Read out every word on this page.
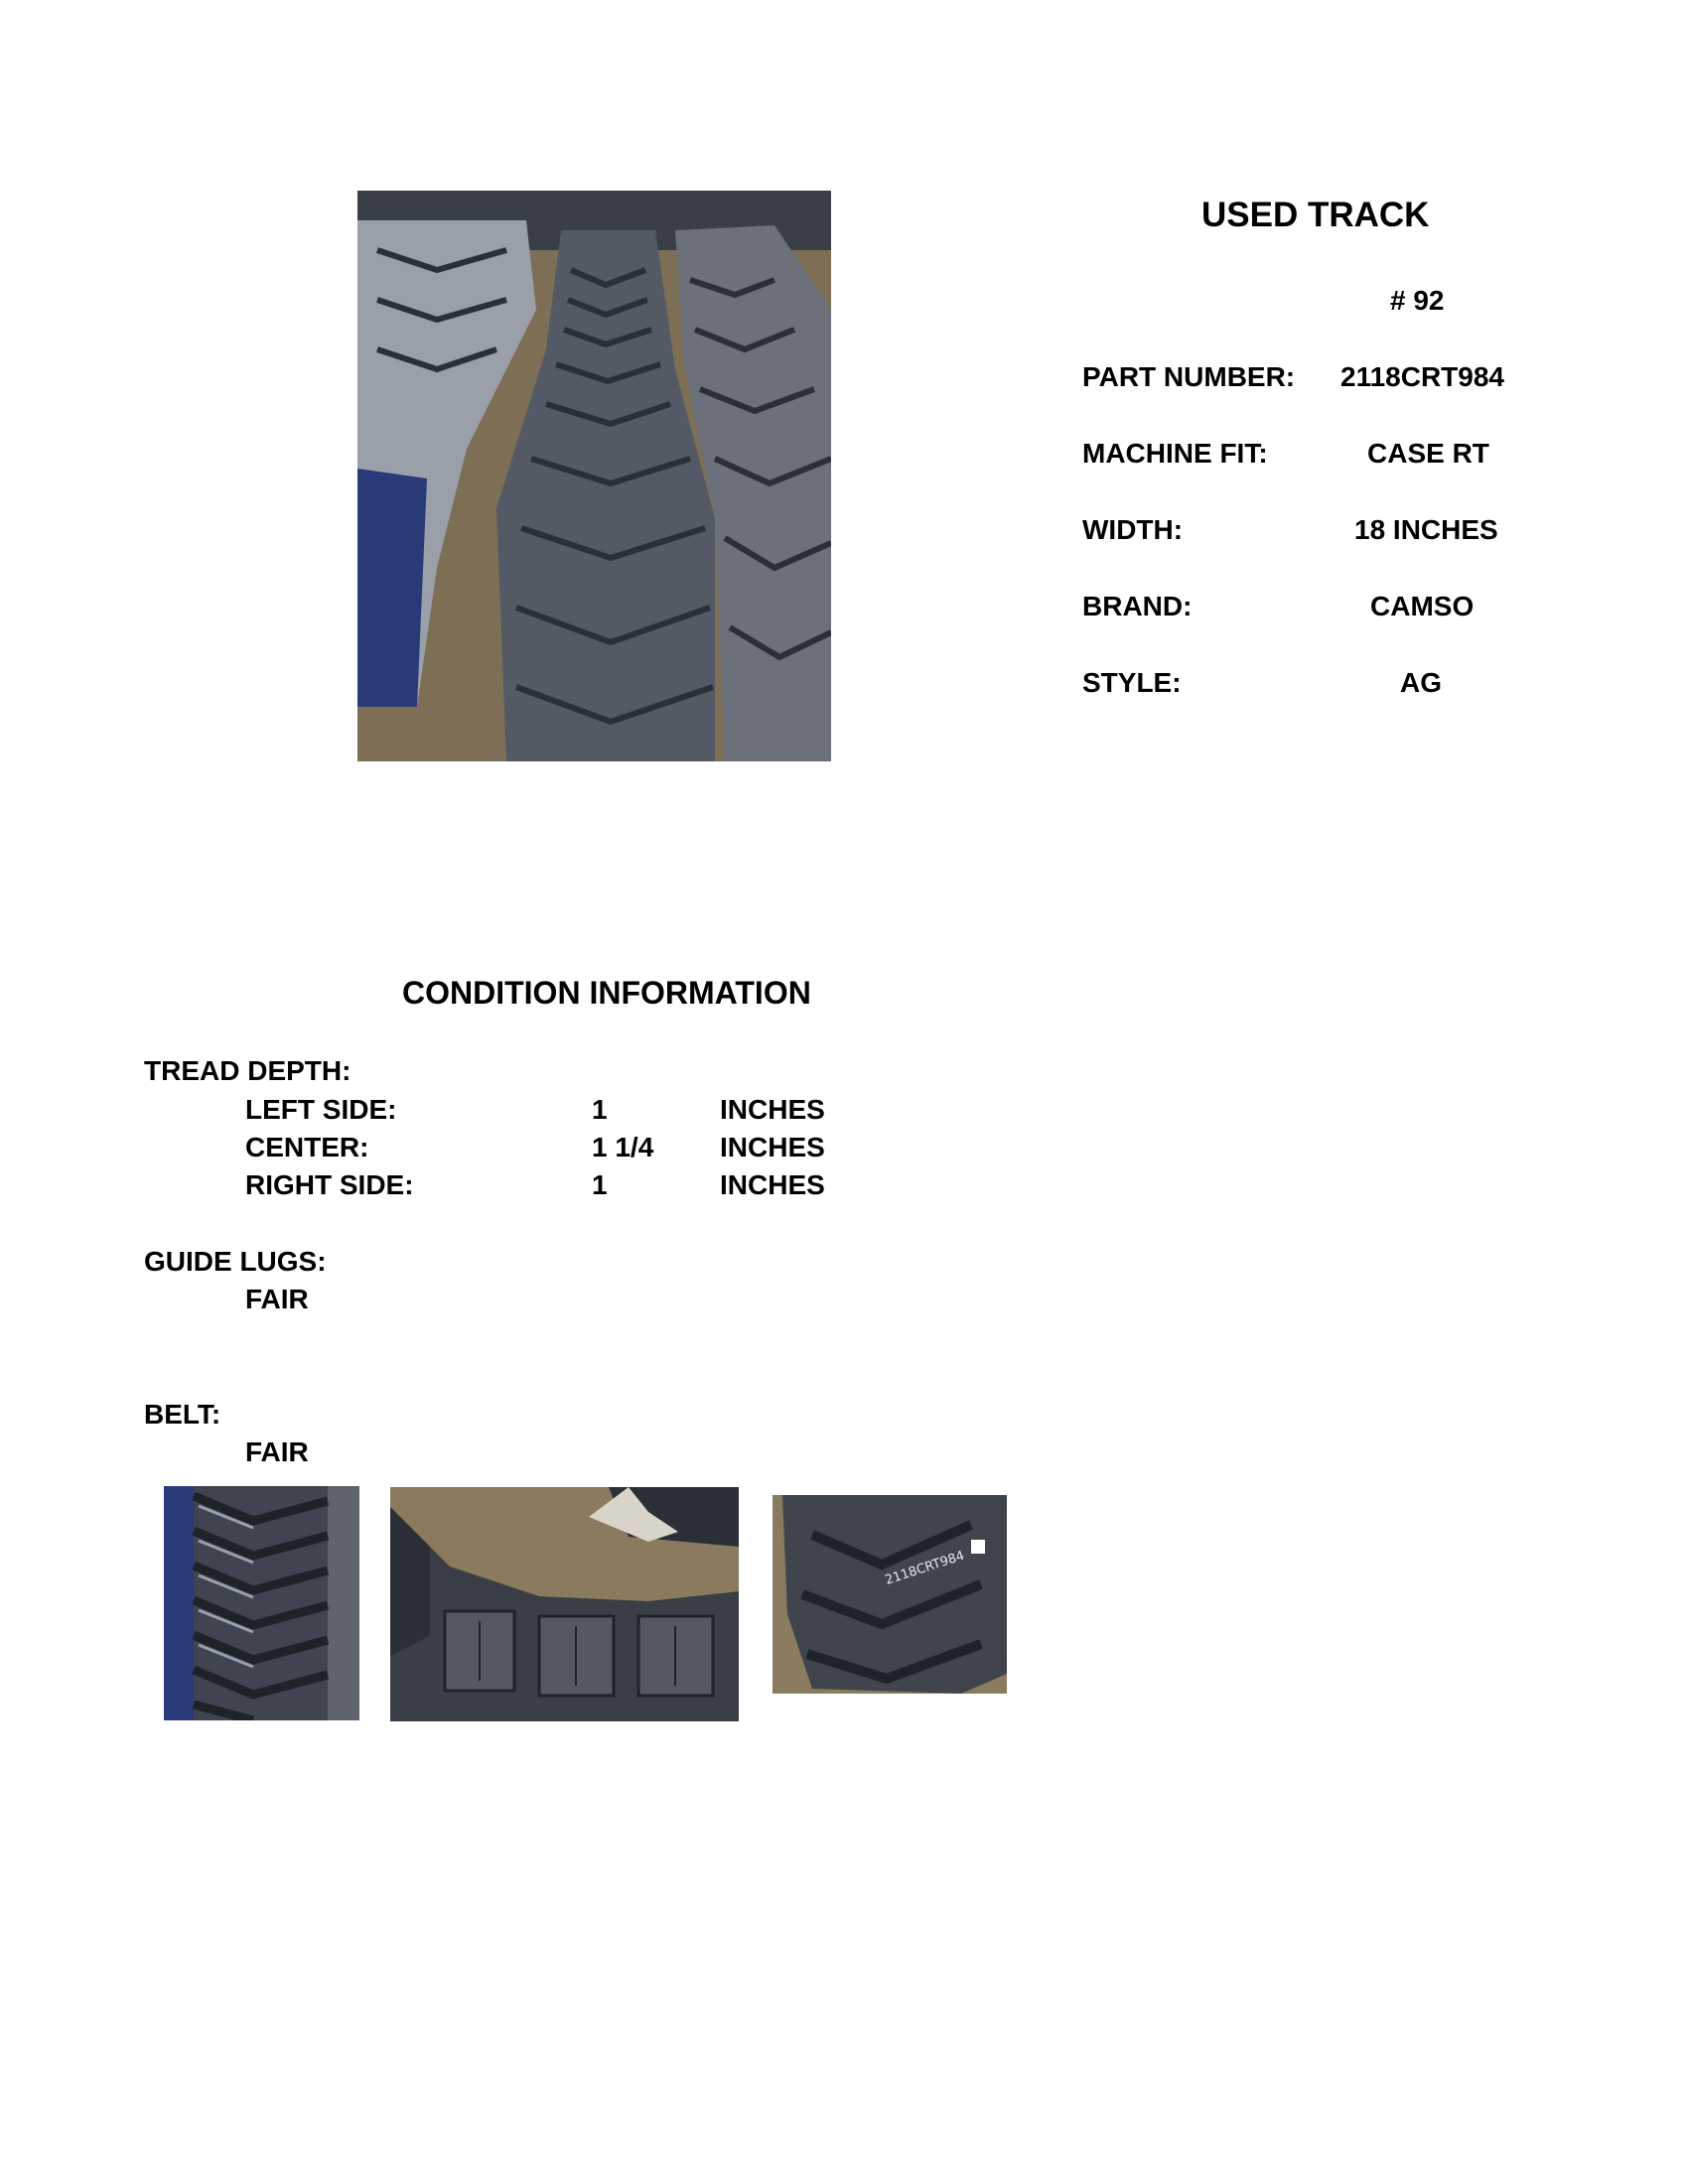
USED TRACK
# 92
PART NUMBER: 2118CRT984
MACHINE FIT:	CASE RT
WIDTH:	18 INCHES
BRAND:	CAMSO
STYLE:	AG
CONDITION INFORMATION
TREAD DEPTH:
LEFT SIDE:	1	INCHES
CENTER:	1 1/4 INCHES
RIGHT SIDE:	1	INCHES
GUIDE LUGS:
FAIR
BELT:
FAIR
2118CRT984
